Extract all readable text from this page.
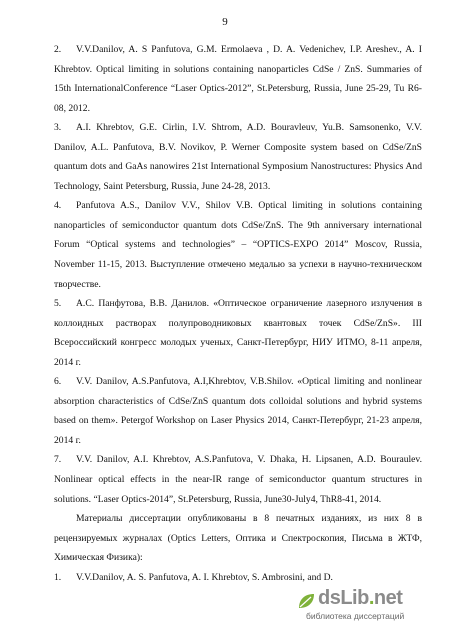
9

2. V.V.Danilov, A. S Panfutova, G.M. Ermolaeva , D. A. Vedenichev, I.P. Areshev., A. I Khrebtov. Optical limiting in solutions containing nanoparticles CdSe / ZnS. Summaries of 15th InternationalConference “Laser Optics-2012”, St.Petersburg, Russia, June 25-29, Tu R6-08, 2012.

3. A.I. Khrebtov, G.E. Cirlin, I.V. Shtrom, A.D. Bouravleuv, Yu.B. Samsonenko, V.V. Danilov, A.L. Panfutova, B.V. Novikov, P. Werner Composite system based on CdSe/ZnS quantum dots and GaAs nanowires 21st International Symposium Nanostructures: Physics And Technology, Saint Petersburg, Russia, June 24-28, 2013.

4. Panfutova A.S., Danilov V.V., Shilov V.B. Optical limiting in solutions containing nanoparticles of semiconductor quantum dots CdSe/ZnS. The 9th anniversary international Forum “Optical systems and technologies” – “OPTICS-EXPO 2014” Moscov, Russia, November 11-15, 2013. Выступление отмечено медалью за успехи в научно-техническом творчестве.

5. А.С. Панфутова, В.В. Данилов. «Оптическое ограничение лазерного излучения в коллоидных растворах полупроводниковых квантовых точек CdSe/ZnS». III Всероссийский конгресс молодых ученых, Санкт-Петербург, НИУ ИТМО, 8-11 апреля, 2014 г.

6. V.V. Danilov, A.S.Panfutova, A.I,Khrebtov, V.B.Shilov. «Optical limiting and nonlinear absorption characteristics of CdSe/ZnS quantum dots colloidal solutions and hybrid systems based on them». Petergof Workshop on Laser Physics 2014, Санкт-Петербург, 21-23 апреля, 2014 г.

7. V.V. Danilov, A.I. Khrebtov, A.S.Panfutova, V. Dhaka, H. Lipsanen, A.D. Bouraulev. Nonlinear optical effects in the near-IR range of semiconductor quantum structures in solutions. “Laser Optics-2014”, St.Petersburg, Russia, June30-July4, ThR8-41, 2014.

Материалы диссертации опубликованы в 8 печатных изданиях, из них 8 в рецензируемых журналах (Optics Letters, Оптика и Спектроскопия, Письма в ЖТФ, Химическая Физика):

1. V.V.Danilov, A. S. Panfutova, A. I. Khrebtov, S. Ambrosini, and D.

dsLib.net
библиотека диссертаций
